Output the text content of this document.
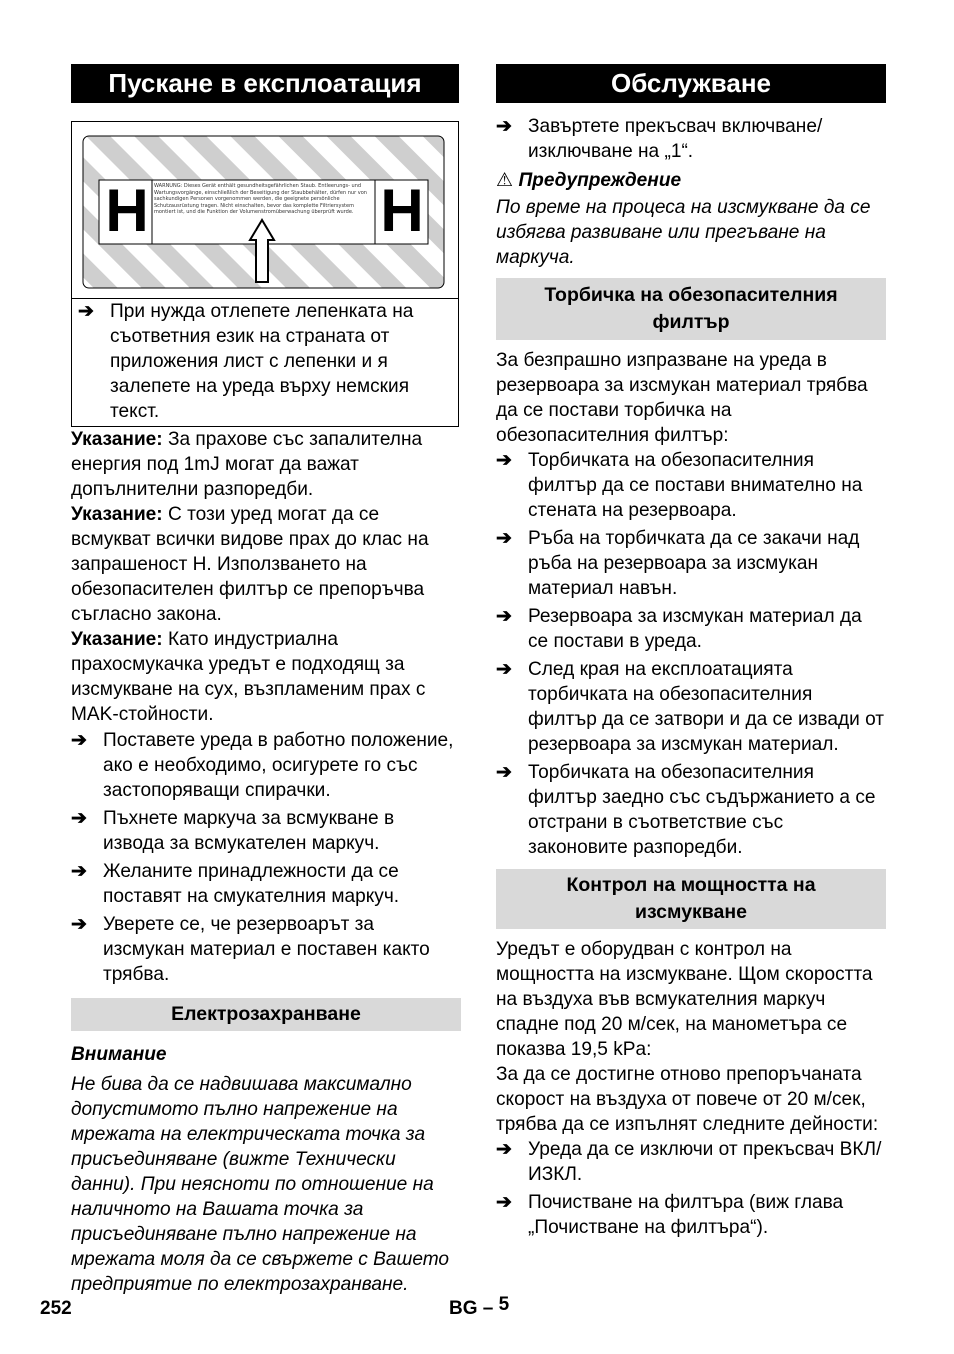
Пускане в експлоатация
H	H
WARNUNG: Dieses Gerät enthält gesundheitsgefährlichen Staub. Entleerungs- und Wartungsvorgänge, einschließlich der Beseitigung der Staubbehälter, dürfen nur von sachkundigen Personen vorgenommen werden, die geeignete persönliche Schutzausrüstung tragen. Nicht einschalten, bevor das komplette Filtriersystem montiert ist, und die Funktion der Volumenstromüberwachung überprüft wurde.
➔ При нужда отлепете лепенката на съответния език на страната от приложения лист с лепенки и я залепете на уреда върху немския текст.

Указание: За прахове със запалителна енергия под 1mJ могат да важат допълнителни разпоредби.

Указание: С този уред могат да се всмукват всички видове прах до клас на запрашеност H. Използването на обезопасителен филтър се препоръчва съгласно закона.

Указание: Като индустриална прахосмукачка уредът е подходящ за изсмукване на сух, възпламеним прах с MAK-стойности.

➔ Поставете уреда в работно положение, ако е необходимо, осигурете го със застопоряващи спирачки.
➔ Пъхнете маркуча за всмукване в извода за всмукателен маркуч.
➔ Желаните принадлежности да се поставят на смукателния маркуч.
➔ Уверете се, че резервоарът за изсмукан материал е поставен както трябва.
Електрозахранване

Внимание

Не бива да се надвишава максимално допустимото пълно напрежение на мрежата на електрическата точка за присъединяване (вижте Технически данни). При неясноти по отношение на наличното на Вашата точка за присъединяване пълно напрежение на мрежата моля да се свържете с Вашето предприятие по електрозахранване.

Обслужване
➔ Завъртете прекъсвач включване/изключване на „1“.

⚠ Предупреждение

По време на процеса на изсмукване да се избягва развиване или прегъване на маркуча.

Торбичка на обезопасителния филтър

За безпрашно изпразване на уреда в резервоара за изсмукан материал трябва да се постави торбичка на обезопасителния филтър:

➔ Торбичката на обезопасителния филтър да се постави внимателно на стената на резервоара.
➔ Ръба на торбичката да се закачи над ръба на резервоара за изсмукан материал навън.
➔ Резервоара за изсмукан материал да се постави в уреда.
➔ След края на експлоатацията торбичката на обезопасителния филтър да се затвори и да се извади от резервоара за изсмукан материал.
➔ Торбичката на обезопасителния филтър заедно със съдържанието а се отстрани в съответствие със законовите разпоредби.
Контрол на мощността на изсмукване

Уредът е оборудван с контрол на мощността на изсмукване. Щом скоростта на въздуха във всмукателния маркуч спадне под 20 м/сек, на манометъра се показва 19,5 kPa:

За да се достигне отново препоръчаната скорост на въздуха от повече от 20 м/сек, трябва да се изпълнят следните дейности:

➔ Уреда да се изключи от прекъсвач ВКЛ/ИЗКЛ.
➔ Почистване на филтъра (виж глава „Почистване на филтъра“).
252	BG – 5
